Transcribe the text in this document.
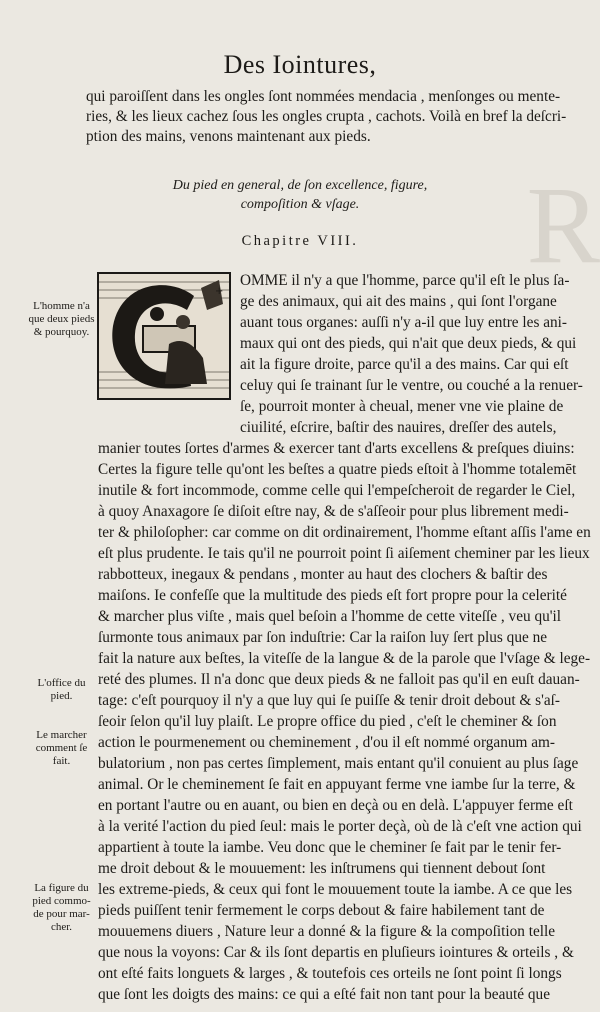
R
Des Iointures,
qui paroiſſent dans les ongles ſont nommées mendacia , menſonges ou mente-
ries, & les lieux cachez ſous les ongles crupta , cachots. Voilà en bref la deſcri-
ption des mains, venons maintenant aux pieds.
Du pied en general, de ſon excellence, figure,
compoſition & vſage.
Chapitre VIII.
+
OMME il n'y a que l'homme, parce qu'il eſt le plus ſa-
ge des animaux, qui ait des mains , qui ſont l'organe
auant tous organes: auſſi n'y a-il que luy entre les ani-
maux qui ont des pieds, qui n'ait que deux pieds, & qui
ait la figure droite, parce qu'il a des mains. Car qui eſt
celuy qui ſe trainant ſur le ventre, ou couché a la renuer-
ſe, pourroit monter à cheual, mener vne vie plaine de
ciuilité, eſcrire, baſtir des nauires, dreſſer des autels,
manier toutes ſortes d'armes & exercer tant d'arts excellens & preſques diuins:
Certes la figure telle qu'ont les beſtes a quatre pieds eſtoit à l'homme totalemēt
inutile & fort incommode, comme celle qui l'empeſcheroit de regarder le Ciel,
à quoy Anaxagore ſe diſoit eſtre nay, & de s'aſſeoir pour plus librement medi-
ter & philoſopher: car comme on dit ordinairement, l'homme eſtant aſſis l'ame en
eſt plus prudente. Ie tais qu'il ne pourroit point ſi aiſement cheminer par les lieux
rabbotteux, inegaux & pendans , monter au haut des clochers & baſtir des
maiſons. Ie confeſſe que la multitude des pieds eſt fort propre pour la celerité
& marcher plus viſte , mais quel beſoin a l'homme de cette viteſſe , veu qu'il
ſurmonte tous animaux par ſon induſtrie: Car la raiſon luy ſert plus que ne
fait la nature aux beſtes, la viteſſe de la langue & de la parole que l'vſage & lege-
reté des plumes. Il n'a donc que deux pieds & ne falloit pas qu'il en euſt dauan-
tage: c'eſt pourquoy il n'y a que luy qui ſe puiſſe & tenir droit debout & s'aſ-
ſeoir ſelon qu'il luy plaiſt. Le propre office du pied , c'eſt le cheminer & ſon
action le pourmenement ou cheminement , d'ou il eſt nommé organum am-
bulatorium , non pas certes ſimplement, mais entant qu'il conuient au plus ſage
animal. Or le cheminement ſe fait en appuyant ferme vne iambe ſur la terre, &
en portant l'autre ou en auant, ou bien en deçà ou en delà. L'appuyer ferme eſt
à la verité l'action du pied ſeul: mais le porter deçà, où de là c'eſt vne action qui
appartient à toute la iambe. Veu donc que le cheminer ſe fait par le tenir fer-
me droit debout & le mouuement: les inſtrumens qui tiennent debout ſont
les extreme-pieds, & ceux qui font le mouuement toute la iambe. A ce que les
pieds puiſſent tenir fermement le corps debout & faire habilement tant de
mouuemens diuers , Nature leur a donné & la figure & la compoſition telle
que nous la voyons: Car & ils ſont departis en pluſieurs iointures & orteils , &
ont eſté faits longuets & larges , & toutefois ces orteils ne ſont point ſi longs
que ſont les doigts des mains: ce qui a eſté fait non tant pour la beauté que
L'homme n'a
que deux pieds
& pourquoy.
L'office du
pied.
Le marcher
comment ſe
fait.
La figure du
pied commo-
de pour mar-
cher.
